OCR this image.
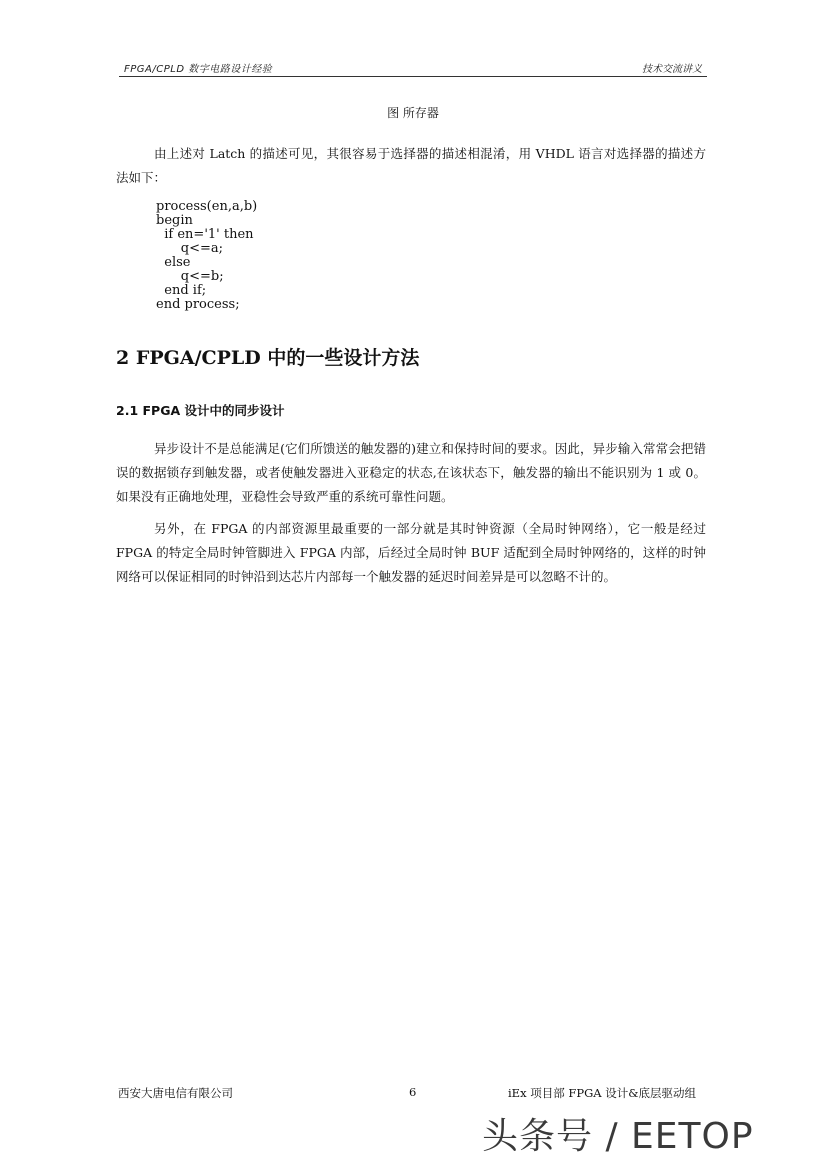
FPGA/CPLD 数字电路设计经验	技术交流讲义
图 所存器

由上述对 Latch 的描述可见，其很容易于选择器的描述相混淆，用 VHDL 语言对选择器的描述方法如下：

process(en,a,b)
begin
if en='1' then
q<=a;
else
q<=b;
end if;
end process;
2 FPGA/CPLD 中的一些设计方法
2.1 FPGA 设计中的同步设计

异步设计不是总能满足(它们所馈送的触发器的)建立和保持时间的要求。因此，异步输入常常会把错误的数据锁存到触发器，或者使触发器进入亚稳定的状态,在该状态下，触发器的输出不能识别为 1 或 0。如果没有正确地处理，亚稳性会导致严重的系统可靠性问题。

另外，在 FPGA 的内部资源里最重要的一部分就是其时钟资源（全局时钟网络），它一般是经过 FPGA 的特定全局时钟管脚进入 FPGA 内部，后经过全局时钟 BUF 适配到全局时钟网络的，这样的时钟网络可以保证相同的时钟沿到达芯片内部每一个触发器的延迟时间差异是可以忽略不计的。

西安大唐电信有限公司	6	iEx 项目部 FPGA 设计&底层驱动组
头条号 / EETOP
